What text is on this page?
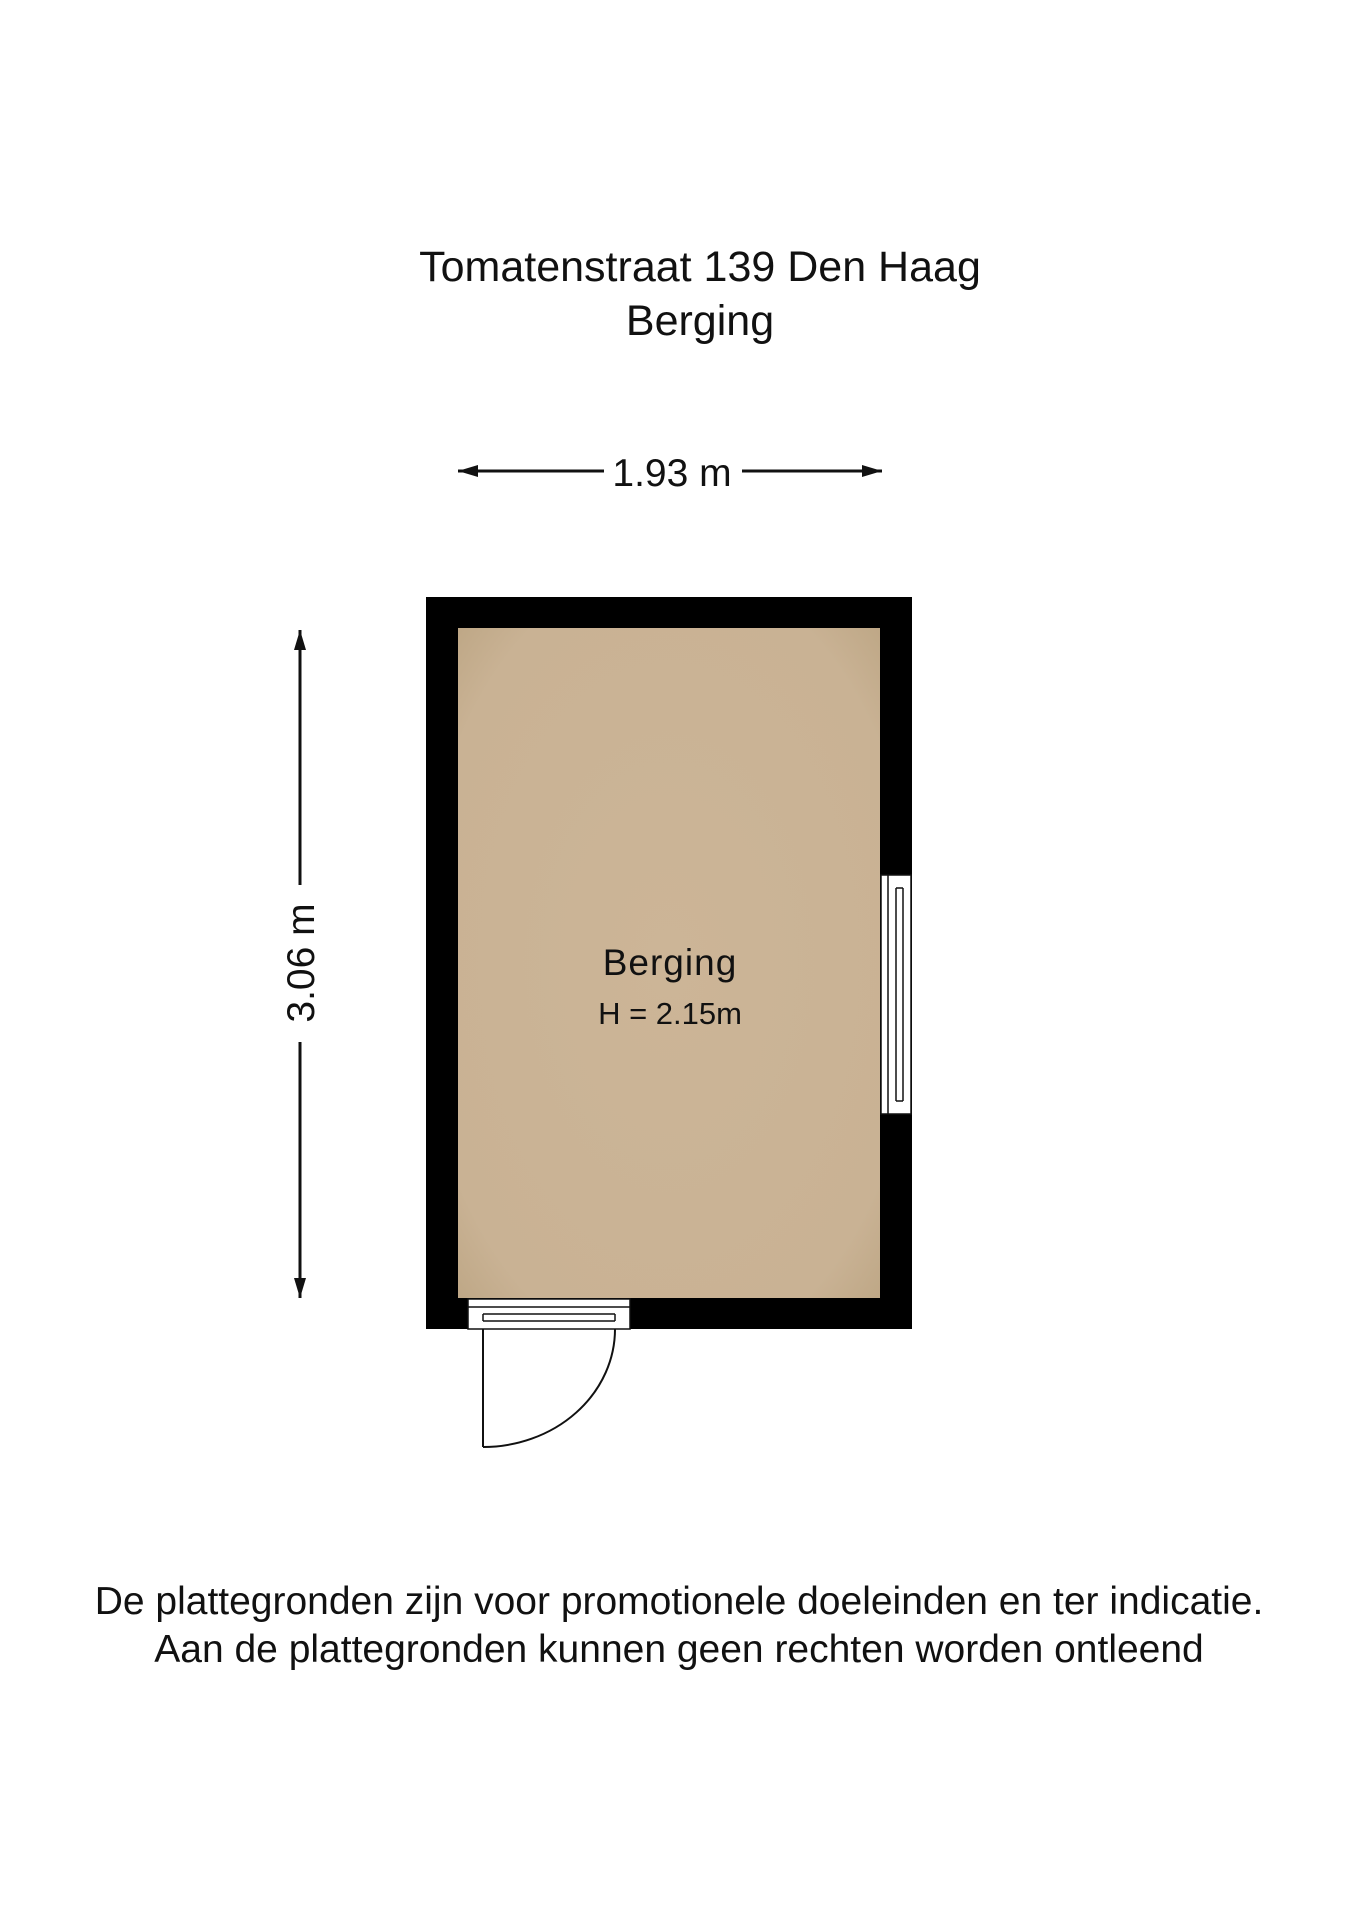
Tomatenstraat 139 Den Haag
Berging
1.93 m
3.06 m	Berging
H = 2.15m
De plattegronden zijn voor promotionele doeleinden en ter indicatie.
Aan de plattegronden kunnen geen rechten worden ontleend
